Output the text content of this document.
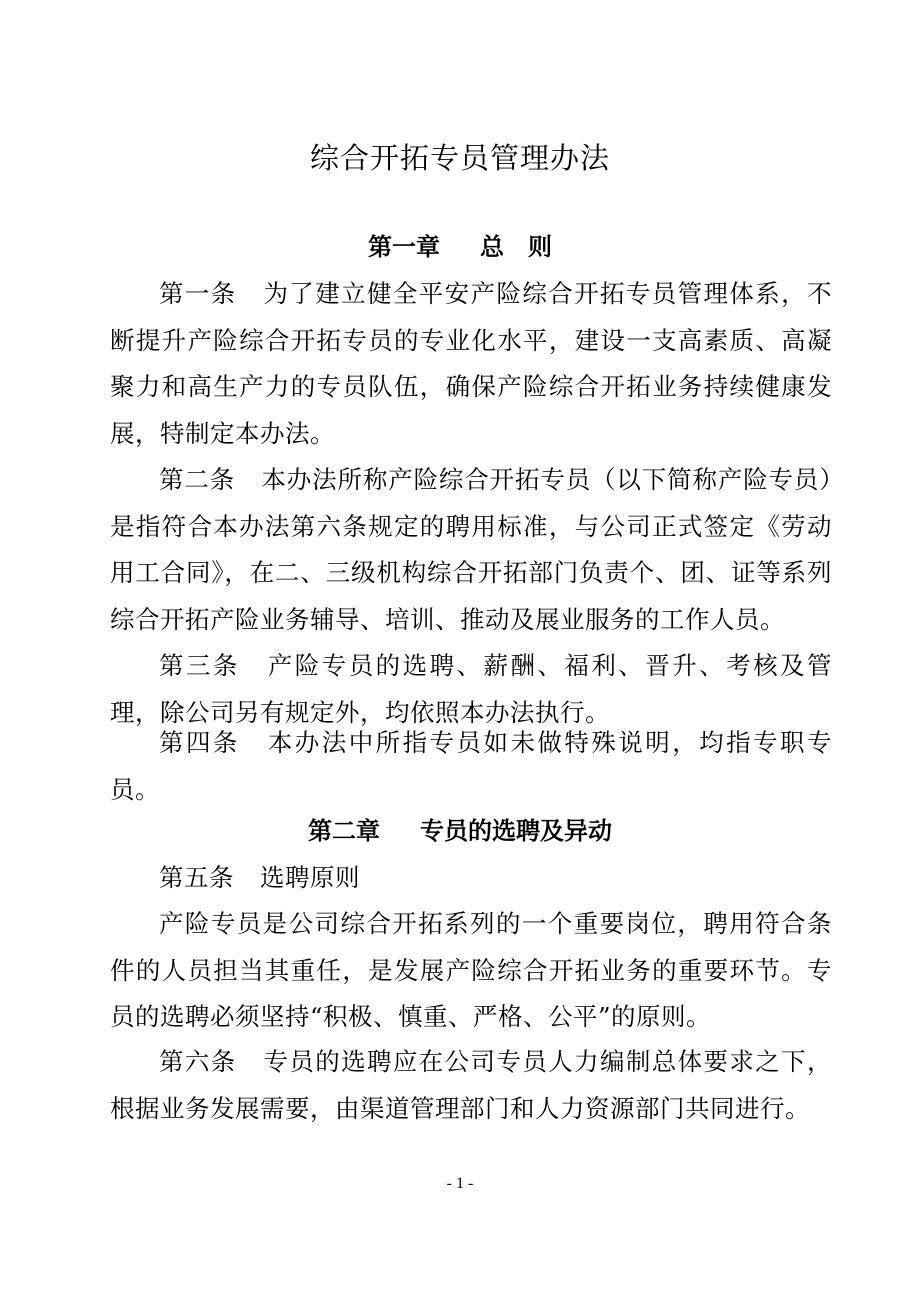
综合开拓专员管理办法
第一章 总　则

第一条 为了建立健全平安产险综合开拓专员管理体系，不断提升产险综合开拓专员的专业化水平，建设一支高素质、高凝聚力和高生产力的专员队伍，确保产险综合开拓业务持续健康发展，特制定本办法。

第二条 本办法所称产险综合开拓专员（以下简称产险专员）是指符合本办法第六条规定的聘用标准，与公司正式签定《劳动用工合同》，在二、三级机构综合开拓部门负责个、团、证等系列综合开拓产险业务辅导、培训、推动及展业服务的工作人员。

第三条 产险专员的选聘、薪酬、福利、晋升、考核及管理，除公司另有规定外，均依照本办法执行。

第四条 本办法中所指专员如未做特殊说明，均指专职专员。

第二章 专员的选聘及异动

第五条 选聘原则

产险专员是公司综合开拓系列的一个重要岗位，聘用符合条件的人员担当其重任，是发展产险综合开拓业务的重要环节。专员的选聘必须坚持“积极、慎重、严格、公平”的原则。

第六条 专员的选聘应在公司专员人力编制总体要求之下，根据业务发展需要，由渠道管理部门和人力资源部门共同进行。

- 1 -
